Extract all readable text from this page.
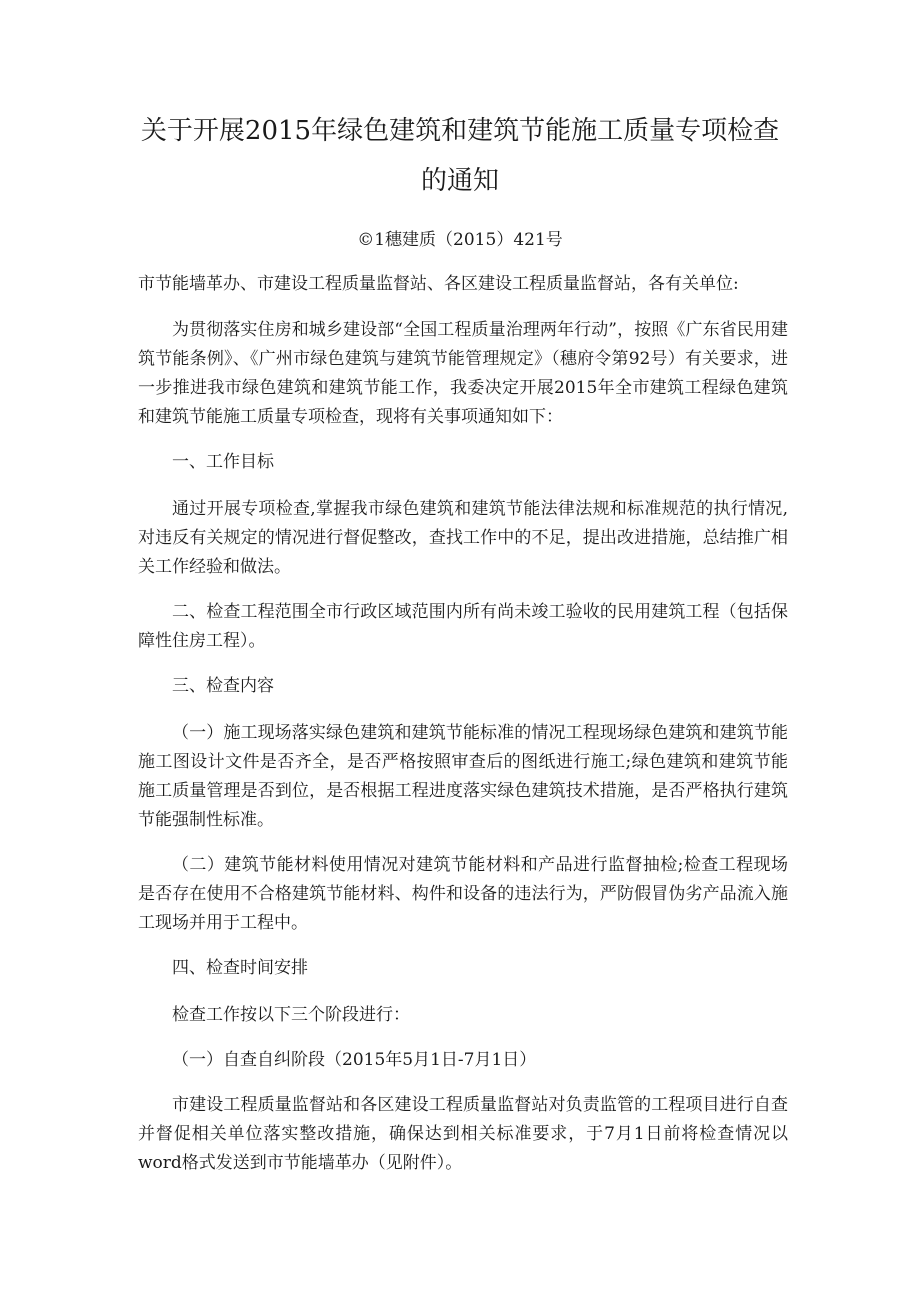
关于开展2015年绿色建筑和建筑节能施工质量专项检查
的通知

©1穗建质（2015）421号

市节能墙革办、市建设工程质量监督站、各区建设工程质量监督站，各有关单位:

为贯彻落实住房和城乡建设部“全国工程质量治理两年行动”，按照《广东省民用建筑节能条例》、《广州市绿色建筑与建筑节能管理规定》（穗府令第92号）有关要求，进一步推进我市绿色建筑和建筑节能工作，我委决定开展2015年全市建筑工程绿色建筑和建筑节能施工质量专项检查，现将有关事项通知如下：

一、工作目标

通过开展专项检查,掌握我市绿色建筑和建筑节能法律法规和标准规范的执行情况,对违反有关规定的情况进行督促整改，查找工作中的不足，提出改进措施，总结推广相关工作经验和做法。

二、检查工程范围全市行政区域范围内所有尚未竣工验收的民用建筑工程（包括保障性住房工程）。

三、检查内容

（一）施工现场落实绿色建筑和建筑节能标准的情况工程现场绿色建筑和建筑节能施工图设计文件是否齐全，是否严格按照审查后的图纸进行施工;绿色建筑和建筑节能施工质量管理是否到位，是否根据工程进度落实绿色建筑技术措施，是否严格执行建筑节能强制性标准。

（二）建筑节能材料使用情况对建筑节能材料和产品进行监督抽检;检查工程现场是否存在使用不合格建筑节能材料、构件和设备的违法行为，严防假冒伪劣产品流入施工现场并用于工程中。

四、检查时间安排

检查工作按以下三个阶段进行：

（一）自查自纠阶段（2015年5月1日-7月1日）

市建设工程质量监督站和各区建设工程质量监督站对负责监管的工程项目进行自查并督促相关单位落实整改措施，确保达到相关标准要求，于7月1日前将检查情况以word格式发送到市节能墙革办（见附件）。
